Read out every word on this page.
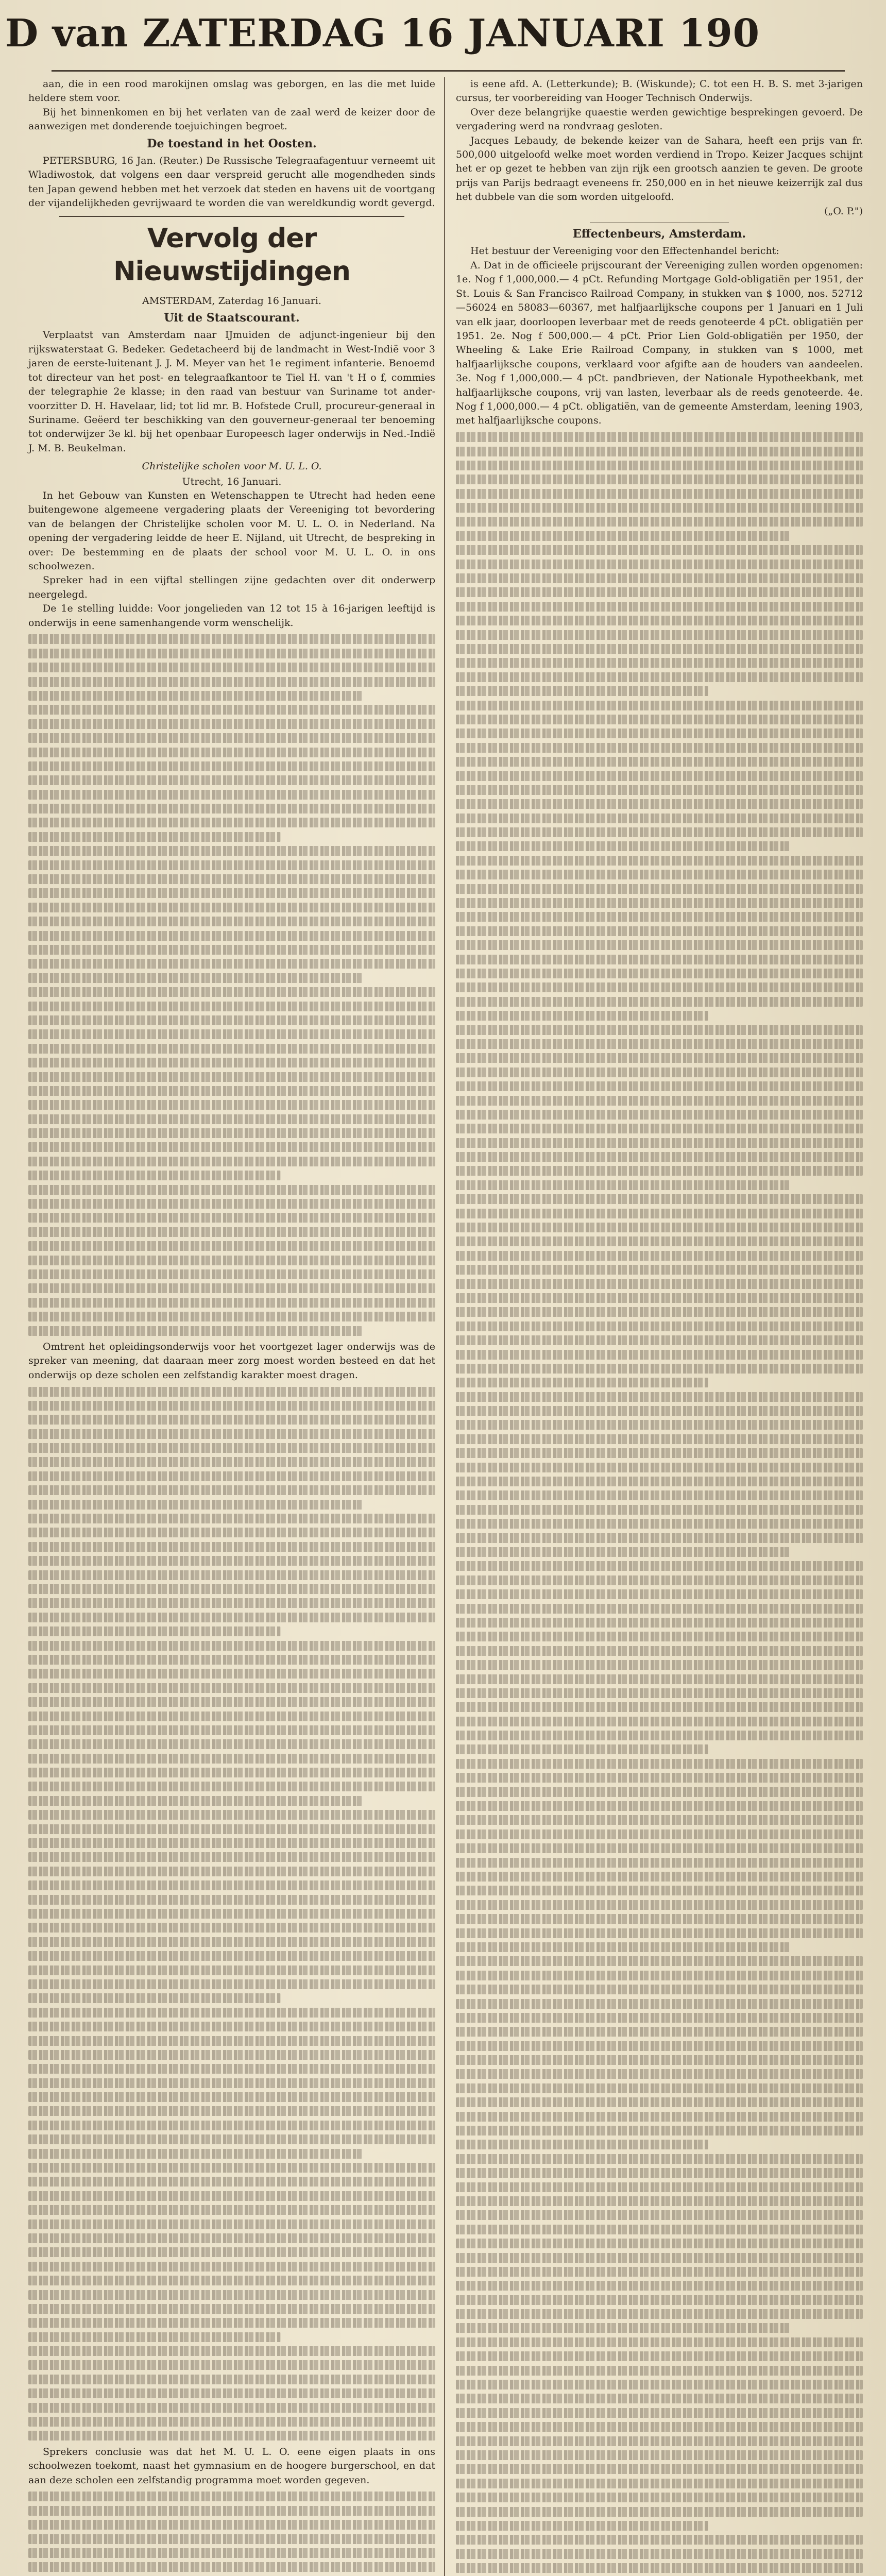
D van ZATERDAG 16 JANUARI 190

aan, die in een rood marokijnen omslag was geborgen, en las die met luide heldere stem voor.

Bij het binnenkomen en bij het verlaten van de zaal werd de keizer door de aanwezigen met donderende toejuichingen begroet.

De toestand in het Oosten.

PETERSBURG, 16 Jan. (Reuter.) De Russische Telegraafagentuur verneemt uit Wladiwostok, dat volgens een daar verspreid gerucht alle mogendheden sinds ten Japan gewend hebben met het verzoek dat steden en havens uit de voortgang der vijandelijkheden gevrijwaard te worden die van wereldkundig wordt gevergd.

Vervolg der Nieuwstijdingen
AMSTERDAM, Zaterdag 16 Januari.
Uit de Staatscourant.

Verplaatst van Amsterdam naar IJmuiden de adjunct-ingenieur bij den rijkswaterstaat G. Bedeker. Gedetacheerd bij de landmacht in West-Indië voor 3 jaren de eerste-luitenant J. J. M. Meyer van het 1e regiment infanterie. Benoemd tot directeur van het post- en telegraafkantoor te Tiel H. van 't H o f, commies der telegraphie 2e klasse; in den raad van bestuur van Suriname tot ander-voorzitter D. H. Havelaar, lid; tot lid mr. B. Hofstede Crull, procureur-generaal in Suriname. Geëerd ter beschikking van den gouverneur-generaal ter benoeming tot onderwijzer 3e kl. bij het openbaar Europeesch lager onderwijs in Ned.-Indië J. M. B. Beukelman.

Christelijke scholen voor M. U. L. O.
Utrecht, 16 Januari.

In het Gebouw van Kunsten en Wetenschappen te Utrecht had heden eene buitengewone algemeene vergadering plaats der Vereeniging tot bevordering van de belangen der Christelijke scholen voor M. U. L. O. in Nederland. Na opening der vergadering leidde de heer E. Nijland, uit Utrecht, de bespreking in over: De bestemming en de plaats der school voor M. U. L. O. in ons schoolwezen.

Spreker had in een vijftal stellingen zijne gedachten over dit onderwerp neergelegd.

De 1e stelling luidde: Voor jongelieden van 12 tot 15 à 16-jarigen leeftijd is onderwijs in eene samenhangende vorm wenschelijk.

Omtrent het opleidingsonderwijs voor het voortgezet lager onderwijs was de spreker van meening, dat daaraan meer zorg moest worden besteed en dat het onderwijs op deze scholen een zelfstandig karakter moest dragen.

Sprekers conclusie was dat het M. U. L. O. eene eigen plaats in ons schoolwezen toekomt, naast het gymnasium en de hoogere burgerschool, en dat aan deze scholen een zelfstandig programma moet worden gegeven.

is eene afd. A. (Letterkunde); B. (Wiskunde); C. tot een H. B. S. met 3-jarigen cursus, ter voorbereiding van Hooger Technisch Onderwijs.

Over deze belangrijke quaestie werden gewichtige besprekingen gevoerd. De vergadering werd na rondvraag gesloten.

Jacques Lebaudy, de bekende keizer van de Sahara, heeft een prijs van fr. 500,000 uitgeloofd welke moet worden verdiend in Tropo. Keizer Jacques schijnt het er op gezet te hebben van zijn rijk een grootsch aanzien te geven. De groote prijs van Parijs bedraagt eveneens fr. 250,000 en in het nieuwe keizerrijk zal dus het dubbele van die som worden uitgeloofd.

(„O. P.")
Effectenbeurs, Amsterdam.

Het bestuur der Vereeniging voor den Effectenhandel bericht:

A. Dat in de officieele prijscourant der Vereeniging zullen worden opgenomen: 1e. Nog f 1,000,000.— 4 pCt. Refunding Mortgage Gold-obligatiën per 1951, der St. Louis & San Francisco Railroad Company, in stukken van $ 1000, nos. 52712—56024 en 58083—60367, met halfjaarlijksche coupons per 1 Januari en 1 Juli van elk jaar, doorloopen leverbaar met de reeds genoteerde 4 pCt. obligatiën per 1951. 2e. Nog f 500,000.— 4 pCt. Prior Lien Gold-obligatiën per 1950, der Wheeling & Lake Erie Railroad Company, in stukken van $ 1000, met halfjaarlijksche coupons, verklaard voor afgifte aan de houders van aandeelen. 3e. Nog f 1,000,000.— 4 pCt. pandbrieven, der Nationale Hypotheekbank, met halfjaarlijksche coupons, vrij van lasten, leverbaar als de reeds genoteerde. 4e. Nog f 1,000,000.— 4 pCt. obligatiën, van de gemeente Amsterdam, leening 1903, met halfjaarlijksche coupons.
